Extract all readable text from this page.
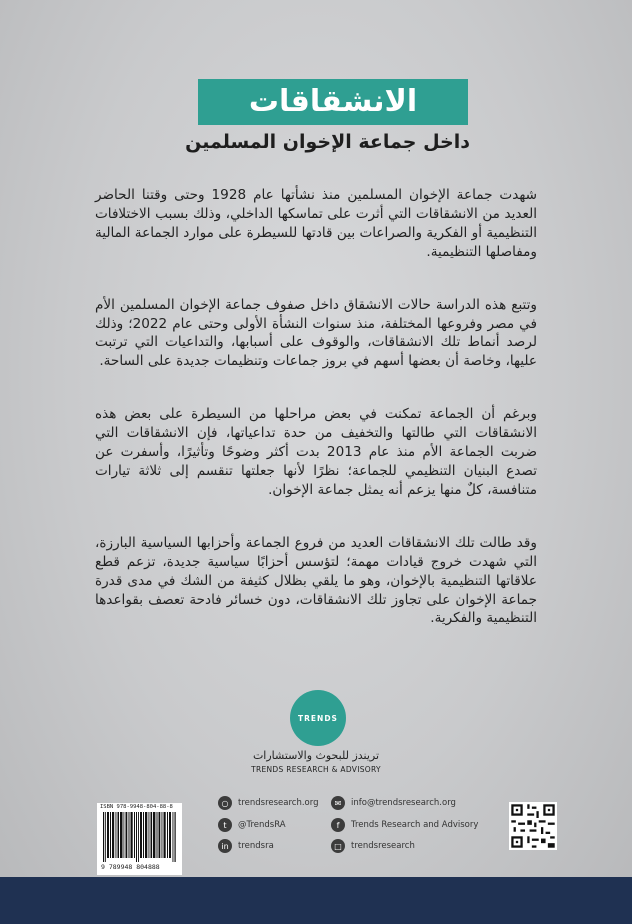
الانشقاقات
داخل جماعة الإخوان المسلمين

شهدت جماعة الإخوان المسلمين منذ نشأتها عام 1928 وحتى وقتنا الحاضر العديد من الانشقاقات التي أثرت على تماسكها الداخلي، وذلك بسبب الاختلافات التنظيمية أو الفكرية والصراعات بين قادتها للسيطرة على موارد الجماعة المالية ومفاصلها التنظيمية.

وتتبع هذه الدراسة حالات الانشقاق داخل صفوف جماعة الإخوان المسلمين الأم في مصر وفروعها المختلفة، منذ سنوات النشأة الأولى وحتى عام 2022؛ وذلك لرصد أنماط تلك الانشقاقات، والوقوف على أسبابها، والتداعيات التي ترتبت عليها، وخاصة أن بعضها أسهم في بروز جماعات وتنظيمات جديدة على الساحة.

وبرغم أن الجماعة تمكنت في بعض مراحلها من السيطرة على بعض هذه الانشقاقات التي طالتها والتخفيف من حدة تداعياتها، فإن الانشقاقات التي ضربت الجماعة الأم منذ عام 2013 بدت أكثر وضوحًا وتأثيرًا، وأسفرت عن تصدع البنيان التنظيمي للجماعة؛ نظرًا لأنها جعلتها تنقسم إلى ثلاثة تيارات متنافسة، كلٌ منها يزعم أنه يمثل جماعة الإخوان.

وقد طالت تلك الانشقاقات العديد من فروع الجماعة وأحزابها السياسية البارزة، التي شهدت خروج قيادات مهمة؛ لتؤسس أحزابًا سياسية جديدة، تزعم قطع علاقاتها التنظيمية بالإخوان، وهو ما يلقي بظلال كثيفة من الشك في مدى قدرة جماعة الإخوان على تجاوز تلك الانشقاقات، دون خسائر فادحة تعصف بقواعدها التنظيمية والفكرية.

TRENDS
تريندز للبحوث والاستشارات
TRENDS RESEARCH & ADVISORY
ISBN 978-9948-804-88-8
9 789948 804888
○	trendsresearch.org	✉	info@trendsresearch.org
t	@TrendsRA	f	Trends Research and Advisory
in	trendsra	□	trendsresearch
